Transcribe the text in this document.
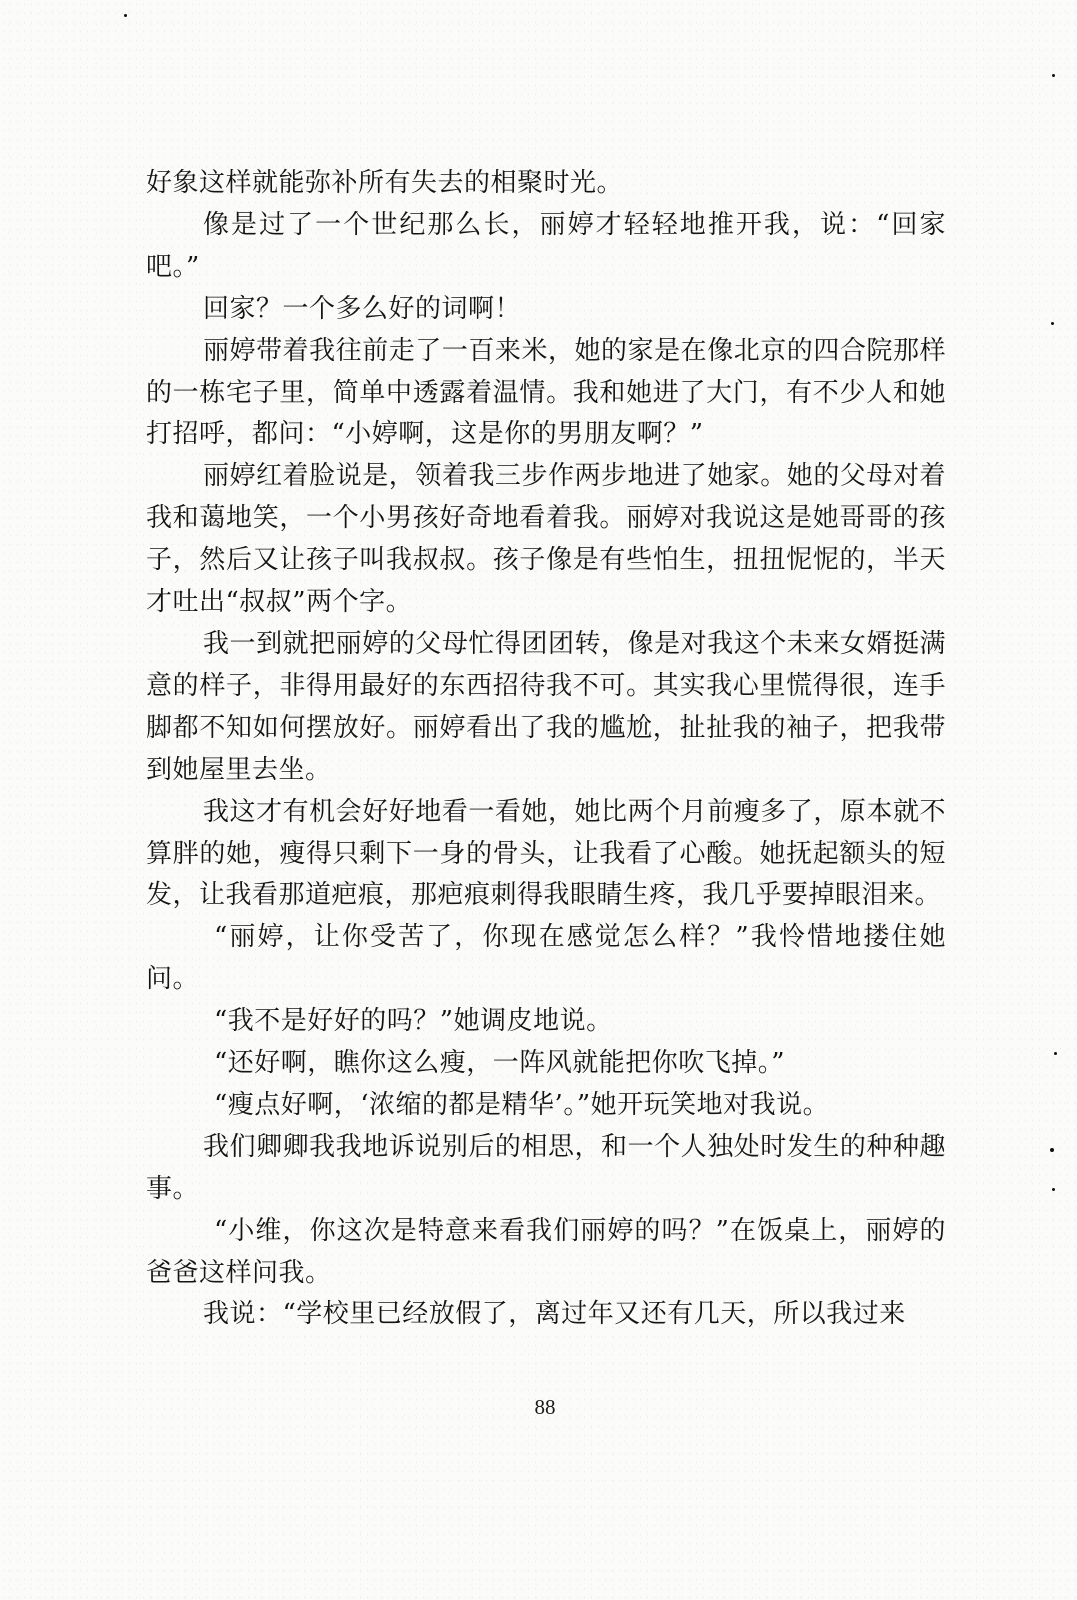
好象这样就能弥补所有失去的相聚时光。

像是过了一个世纪那么长，丽婷才轻轻地推开我，说：“回家吧。”

回家？一个多么好的词啊！

丽婷带着我往前走了一百来米，她的家是在像北京的四合院那样的一栋宅子里，简单中透露着温情。我和她进了大门，有不少人和她打招呼，都问：“小婷啊，这是你的男朋友啊？”

丽婷红着脸说是，领着我三步作两步地进了她家。她的父母对着我和蔼地笑，一个小男孩好奇地看着我。丽婷对我说这是她哥哥的孩子，然后又让孩子叫我叔叔。孩子像是有些怕生，扭扭怩怩的，半天才吐出“叔叔”两个字。

我一到就把丽婷的父母忙得团团转，像是对我这个未来女婿挺满意的样子，非得用最好的东西招待我不可。其实我心里慌得很，连手脚都不知如何摆放好。丽婷看出了我的尴尬，扯扯我的袖子，把我带到她屋里去坐。

我这才有机会好好地看一看她，她比两个月前瘦多了，原本就不算胖的她，瘦得只剩下一身的骨头，让我看了心酸。她抚起额头的短发，让我看那道疤痕，那疤痕刺得我眼睛生疼，我几乎要掉眼泪来。

“丽婷，让你受苦了，你现在感觉怎么样？”我怜惜地搂住她问。

“我不是好好的吗？”她调皮地说。

“还好啊，瞧你这么瘦，一阵风就能把你吹飞掉。”

“瘦点好啊，‘浓缩的都是精华’。”她开玩笑地对我说。

我们卿卿我我地诉说别后的相思，和一个人独处时发生的种种趣事。

“小维，你这次是特意来看我们丽婷的吗？”在饭桌上，丽婷的爸爸这样问我。

我说：“学校里已经放假了，离过年又还有几天，所以我过来

88
